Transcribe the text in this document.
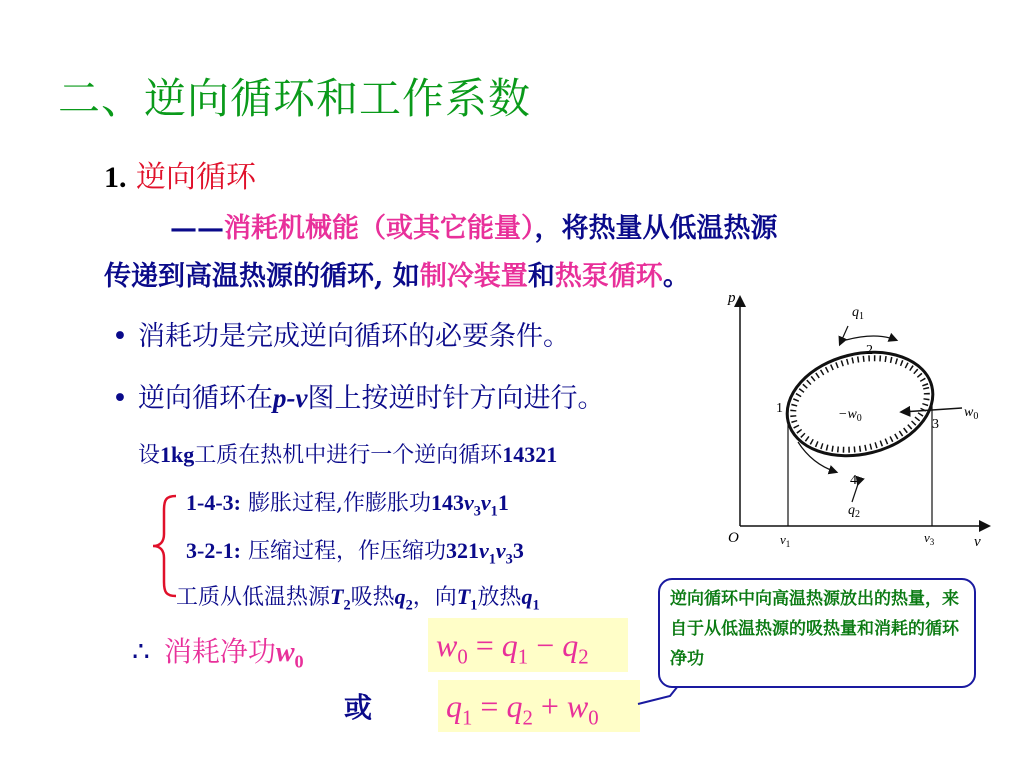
二、逆向循环和工作系数
1. 逆向循环
——消耗机械能（或其它能量），将热量从低温热源
传递到高温热源的循环, 如制冷装置和热泵循环。
• 消耗功是完成逆向循环的必要条件。
• 逆向循环在p-v图上按逆时针方向进行。
设1kg工质在热机中进行一个逆向循环14321
1-4-3: 膨胀过程,作膨胀功$143v_3v_11$
3-2-1: 压缩过程，作压缩功$321v_1v_33$
工质从低温热源$T_2$吸热$q_2$，向$T_1$放热$q_1$
∴ 消耗净功$w_0$	$w_0 = q_1 - q_2$
或 $q_1 = q_2 + w_0$
逆向循环中向高温热源放出的热量，来自于从低温热源的吸热量和消耗的循环净功
p
v
O	$v_1$	$v_3$
1
2
3
4
$q_1$
$q_2$
$w_0$
$-w_0$
